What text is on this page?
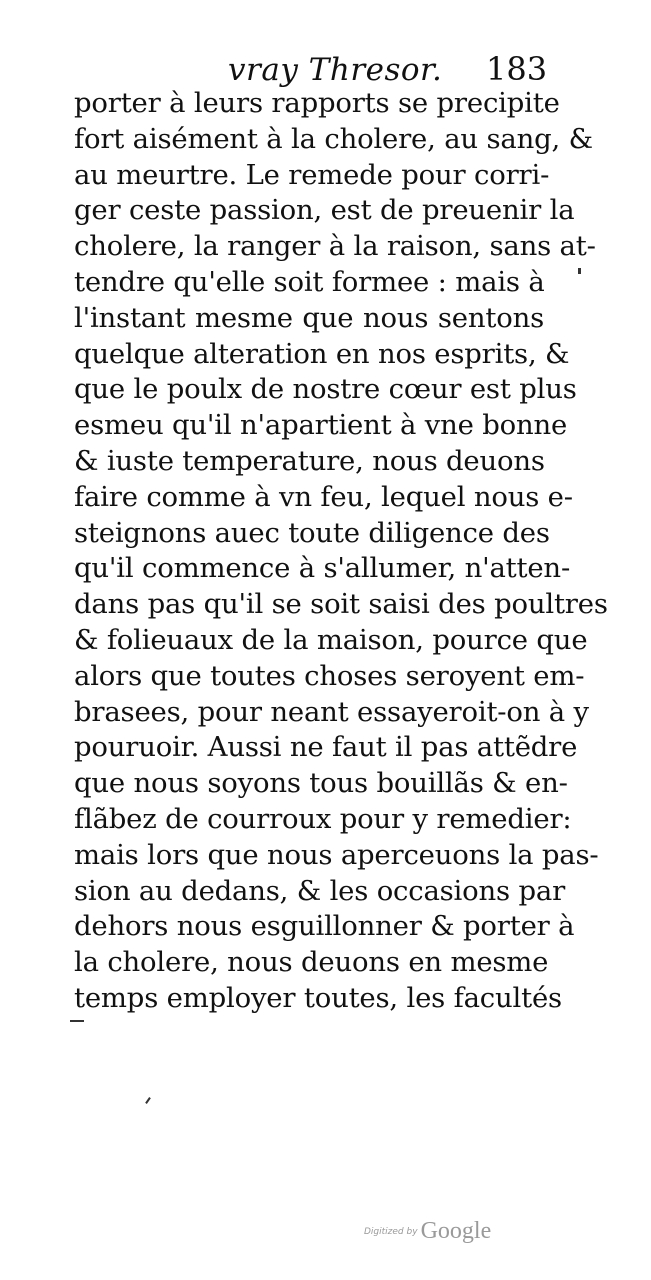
vray Thresor. 183
porter à leurs rapports se precipite
fort aisément à la cholere, au sang, &
au meurtre. Le remede pour corri-
ger ceste passion, est de preuenir la
cholere, la ranger à la raison, sans at-
tendre qu'elle soit formee : mais à
l'instant mesme que nous sentons
quelque alteration en nos esprits, &
que le poulx de nostre cœur est plus
esmeu qu'il n'apartient à vne bonne
& iuste temperature, nous deuons
faire comme à vn feu, lequel nous e-
steignons auec toute diligence des
qu'il commence à s'allumer, n'atten-
dans pas qu'il se soit saisi des poultres
& folieuaux de la maison, pource que
alors que toutes choses seroyent em-
brasees, pour neant essayeroit-on à y
pouruoir. Aussi ne faut il pas attẽdre
que nous soyons tous bouillãs & en-
flãbez de courroux pour y remedier:
mais lors que nous aperceuons la pas-
sion au dedans, & les occasions par
dehors nous esguillonner & porter à
la cholere, nous deuons en mesme
temps employer toutes, les facultés
Digitized by Google
